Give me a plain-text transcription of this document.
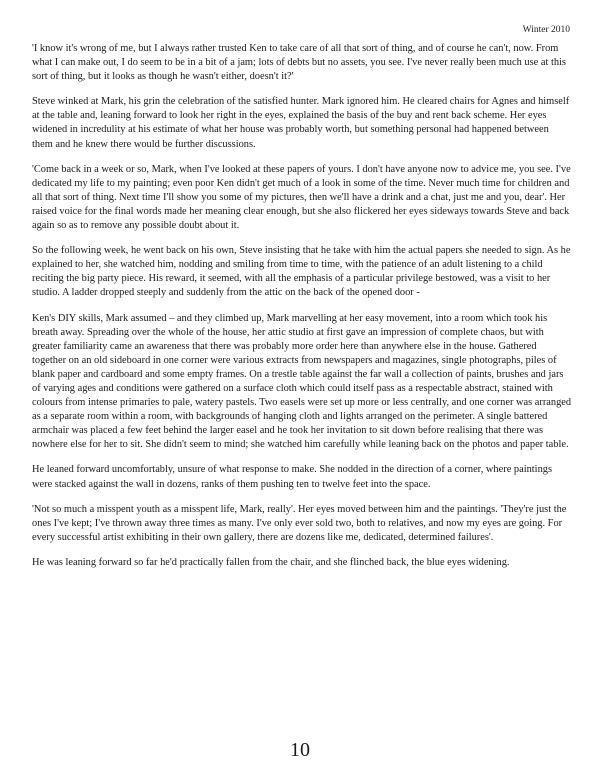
Winter 2010

'I know it's wrong of me, but I always rather trusted Ken to take care of all that sort of thing, and of course he can't, now. From what I can make out, I do seem to be in a bit of a jam; lots of debts but no assets, you see. I've never really been much use at this sort of thing, but it looks as though he wasn't either, doesn't it?'

Steve winked at Mark, his grin the celebration of the satisfied hunter. Mark ignored him. He cleared chairs for Agnes and himself at the table and, leaning forward to look her right in the eyes, explained the basis of the buy and rent back scheme. Her eyes widened in incredulity at his estimate of what her house was probably worth, but something personal had happened between them and he knew there would be further discussions.

'Come back in a week or so, Mark, when I've looked at these papers of yours. I don't have anyone now to advice me, you see. I've dedicated my life to my painting; even poor Ken didn't get much of a look in some of the time. Never much time for children and all that sort of thing. Next time I'll show you some of my pictures, then we'll have a drink and a chat, just me and you, dear'. Her raised voice for the final words made her meaning clear enough, but she also flickered her eyes sideways towards Steve and back again so as to remove any possible doubt about it.

So the following week, he went back on his own, Steve insisting that he take with him the actual papers she needed to sign. As he explained to her, she watched him, nodding and smiling from time to time, with the patience of an adult listening to a child reciting the big party piece. His reward, it seemed, with all the emphasis of a particular privilege bestowed, was a visit to her studio. A ladder dropped steeply and suddenly from the attic on the back of the opened door -

Ken's DIY skills, Mark assumed – and they climbed up, Mark marvelling at her easy movement, into a room which took his breath away. Spreading over the whole of the house, her attic studio at first gave an impression of complete chaos, but with greater familiarity came an awareness that there was probably more order here than anywhere else in the house. Gathered together on an old sideboard in one corner were various extracts from newspapers and magazines, single photographs, piles of blank paper and cardboard and some empty frames. On a trestle table against the far wall a collection of paints, brushes and jars of varying ages and conditions were gathered on a surface cloth which could itself pass as a respectable abstract, stained with colours from intense primaries to pale, watery pastels. Two easels were set up more or less centrally, and one corner was arranged as a separate room within a room, with backgrounds of hanging cloth and lights arranged on the perimeter. A single battered armchair was placed a few feet behind the larger easel and he took her invitation to sit down before realising that there was nowhere else for her to sit. She didn't seem to mind; she watched him carefully while leaning back on the photos and paper table.

He leaned forward uncomfortably, unsure of what response to make. She nodded in the direction of a corner, where paintings were stacked against the wall in dozens, ranks of them pushing ten to twelve feet into the space.

'Not so much a misspent youth as a misspent life, Mark, really'. Her eyes moved between him and the paintings. 'They're just the ones I've kept; I've thrown away three times as many. I've only ever sold two, both to relatives, and now my eyes are going. For every successful artist exhibiting in their own gallery, there are dozens like me, dedicated, determined failures'.

He was leaning forward so far he'd practically fallen from the chair, and she flinched back, the blue eyes widening.

10
